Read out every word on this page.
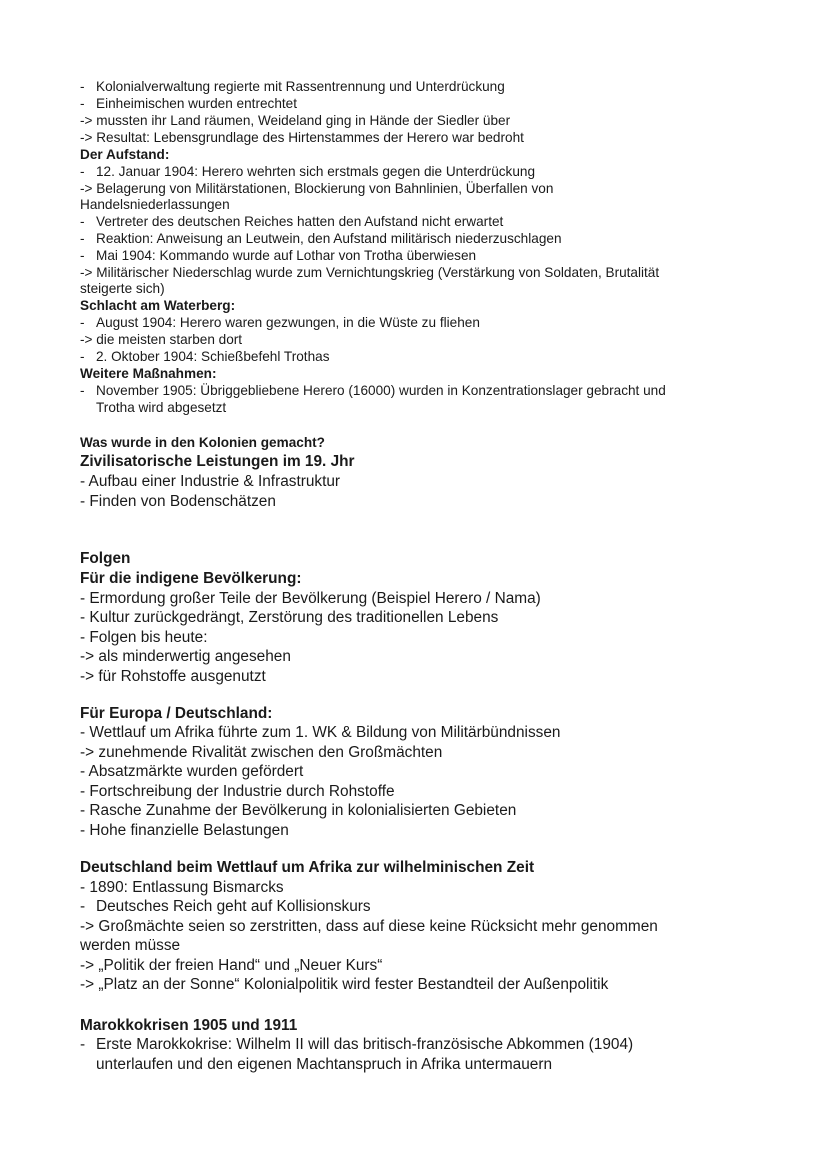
- Kolonialverwaltung regierte mit Rassentrennung und Unterdrückung
- Einheimischen wurden entrechtet
-> mussten ihr Land räumen, Weideland ging in Hände der Siedler über
-> Resultat: Lebensgrundlage des Hirtenstammes der Herero war bedroht
Der Aufstand:
- 12. Januar 1904: Herero wehrten sich erstmals gegen die Unterdrückung
-> Belagerung von Militärstationen, Blockierung von Bahnlinien, Überfallen von
Handelsniederlassungen
- Vertreter des deutschen Reiches hatten den Aufstand nicht erwartet
- Reaktion: Anweisung an Leutwein, den Aufstand militärisch niederzuschlagen
- Mai 1904: Kommando wurde auf Lothar von Trotha überwiesen
-> Militärischer Niederschlag wurde zum Vernichtungskrieg (Verstärkung von Soldaten, Brutalität
steigerte sich)
Schlacht am Waterberg:
- August 1904: Herero waren gezwungen, in die Wüste zu fliehen
-> die meisten starben dort
- 2. Oktober 1904: Schießbefehl Trothas
Weitere Maßnahmen:
- November 1905: Übriggebliebene Herero (16000) wurden in Konzentrationslager gebracht und
Trotha wird abgesetzt
Was wurde in den Kolonien gemacht?
Zivilisatorische Leistungen im 19. Jhr
- Aufbau einer Industrie & Infrastruktur
- Finden von Bodenschätzen
Folgen
Für die indigene Bevölkerung:
- Ermordung großer Teile der Bevölkerung (Beispiel Herero / Nama)
- Kultur zurückgedrängt, Zerstörung des traditionellen Lebens
- Folgen bis heute:
-> als minderwertig angesehen
-> für Rohstoffe ausgenutzt
Für Europa / Deutschland:
- Wettlauf um Afrika führte zum 1. WK & Bildung von Militärbündnissen
-> zunehmende Rivalität zwischen den Großmächten
- Absatzmärkte wurden gefördert
- Fortschreibung der Industrie durch Rohstoffe
- Rasche Zunahme der Bevölkerung in kolonialisierten Gebieten
- Hohe finanzielle Belastungen
Deutschland beim Wettlauf um Afrika zur wilhelminischen Zeit
- 1890: Entlassung Bismarcks
- Deutsches Reich geht auf Kollisionskurs
-> Großmächte seien so zerstritten, dass auf diese keine Rücksicht mehr genommen
werden müsse
-> „Politik der freien Hand“ und „Neuer Kurs“
-> „Platz an der Sonne“ Kolonialpolitik wird fester Bestandteil der Außenpolitik
Marokkokrisen 1905 und 1911
- Erste Marokkokrise: Wilhelm II will das britisch-französische Abkommen (1904)
unterlaufen und den eigenen Machtanspruch in Afrika untermauern
